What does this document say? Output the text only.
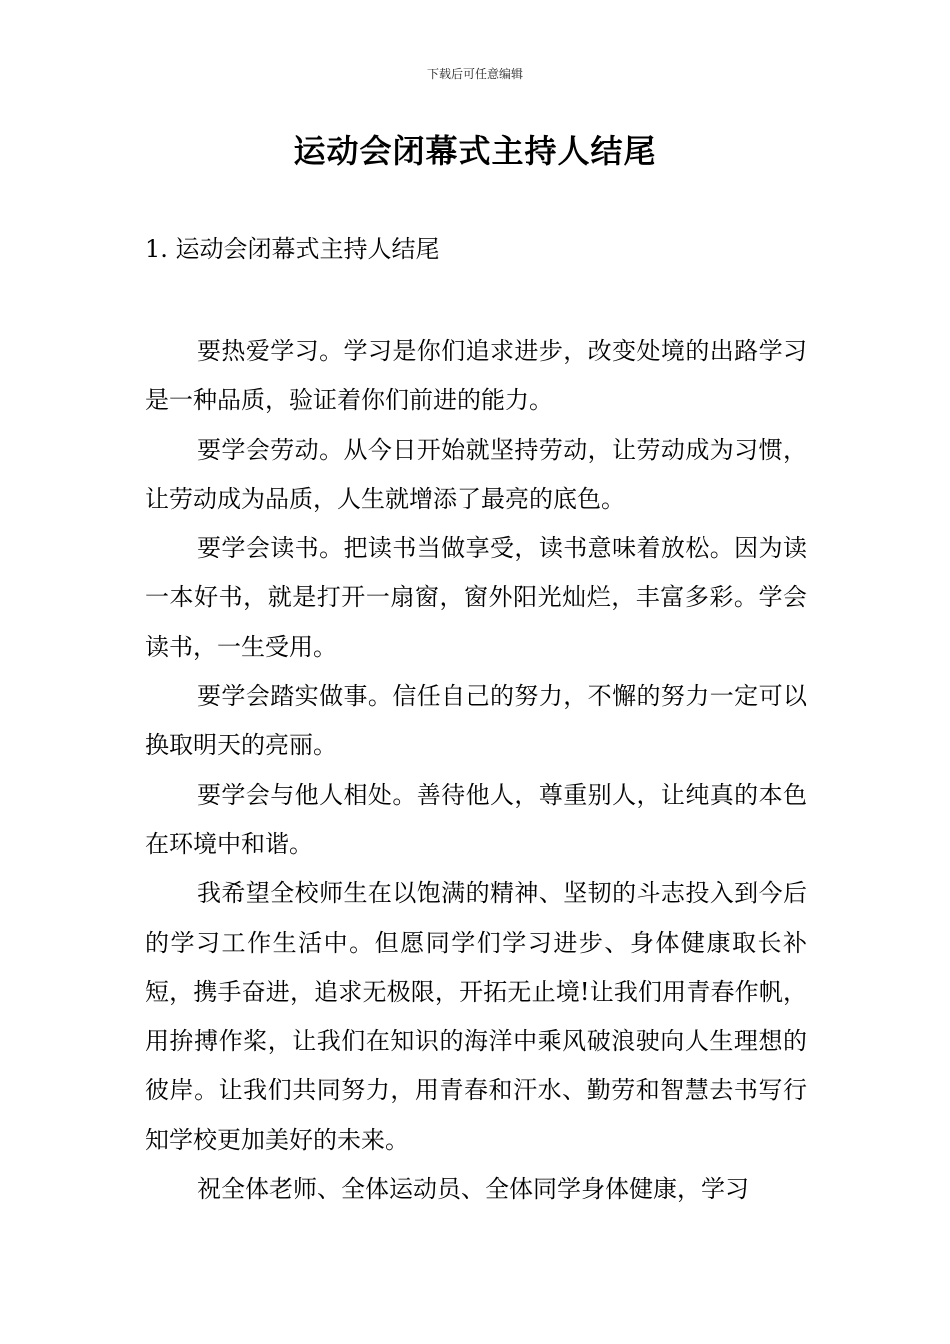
下载后可任意编辑
运动会闭幕式主持人结尾
1. 运动会闭幕式主持人结尾

要热爱学习。学习是你们追求进步，改变处境的出路学习是一种品质，验证着你们前进的能力。

要学会劳动。从今日开始就坚持劳动，让劳动成为习惯，让劳动成为品质，人生就增添了最亮的底色。

要学会读书。把读书当做享受，读书意味着放松。因为读一本好书，就是打开一扇窗，窗外阳光灿烂，丰富多彩。学会读书，一生受用。

要学会踏实做事。信任自己的努力，不懈的努力一定可以换取明天的亮丽。

要学会与他人相处。善待他人，尊重别人，让纯真的本色在环境中和谐。

我希望全校师生在以饱满的精神、坚韧的斗志投入到今后的学习工作生活中。但愿同学们学习进步、身体健康取长补短，携手奋进，追求无极限，开拓无止境!让我们用青春作帆，用拚搏作桨，让我们在知识的海洋中乘风破浪驶向人生理想的彼岸。让我们共同努力，用青春和汗水、勤劳和智慧去书写行知学校更加美好的未来。

祝全体老师、全体运动员、全体同学身体健康，学习
